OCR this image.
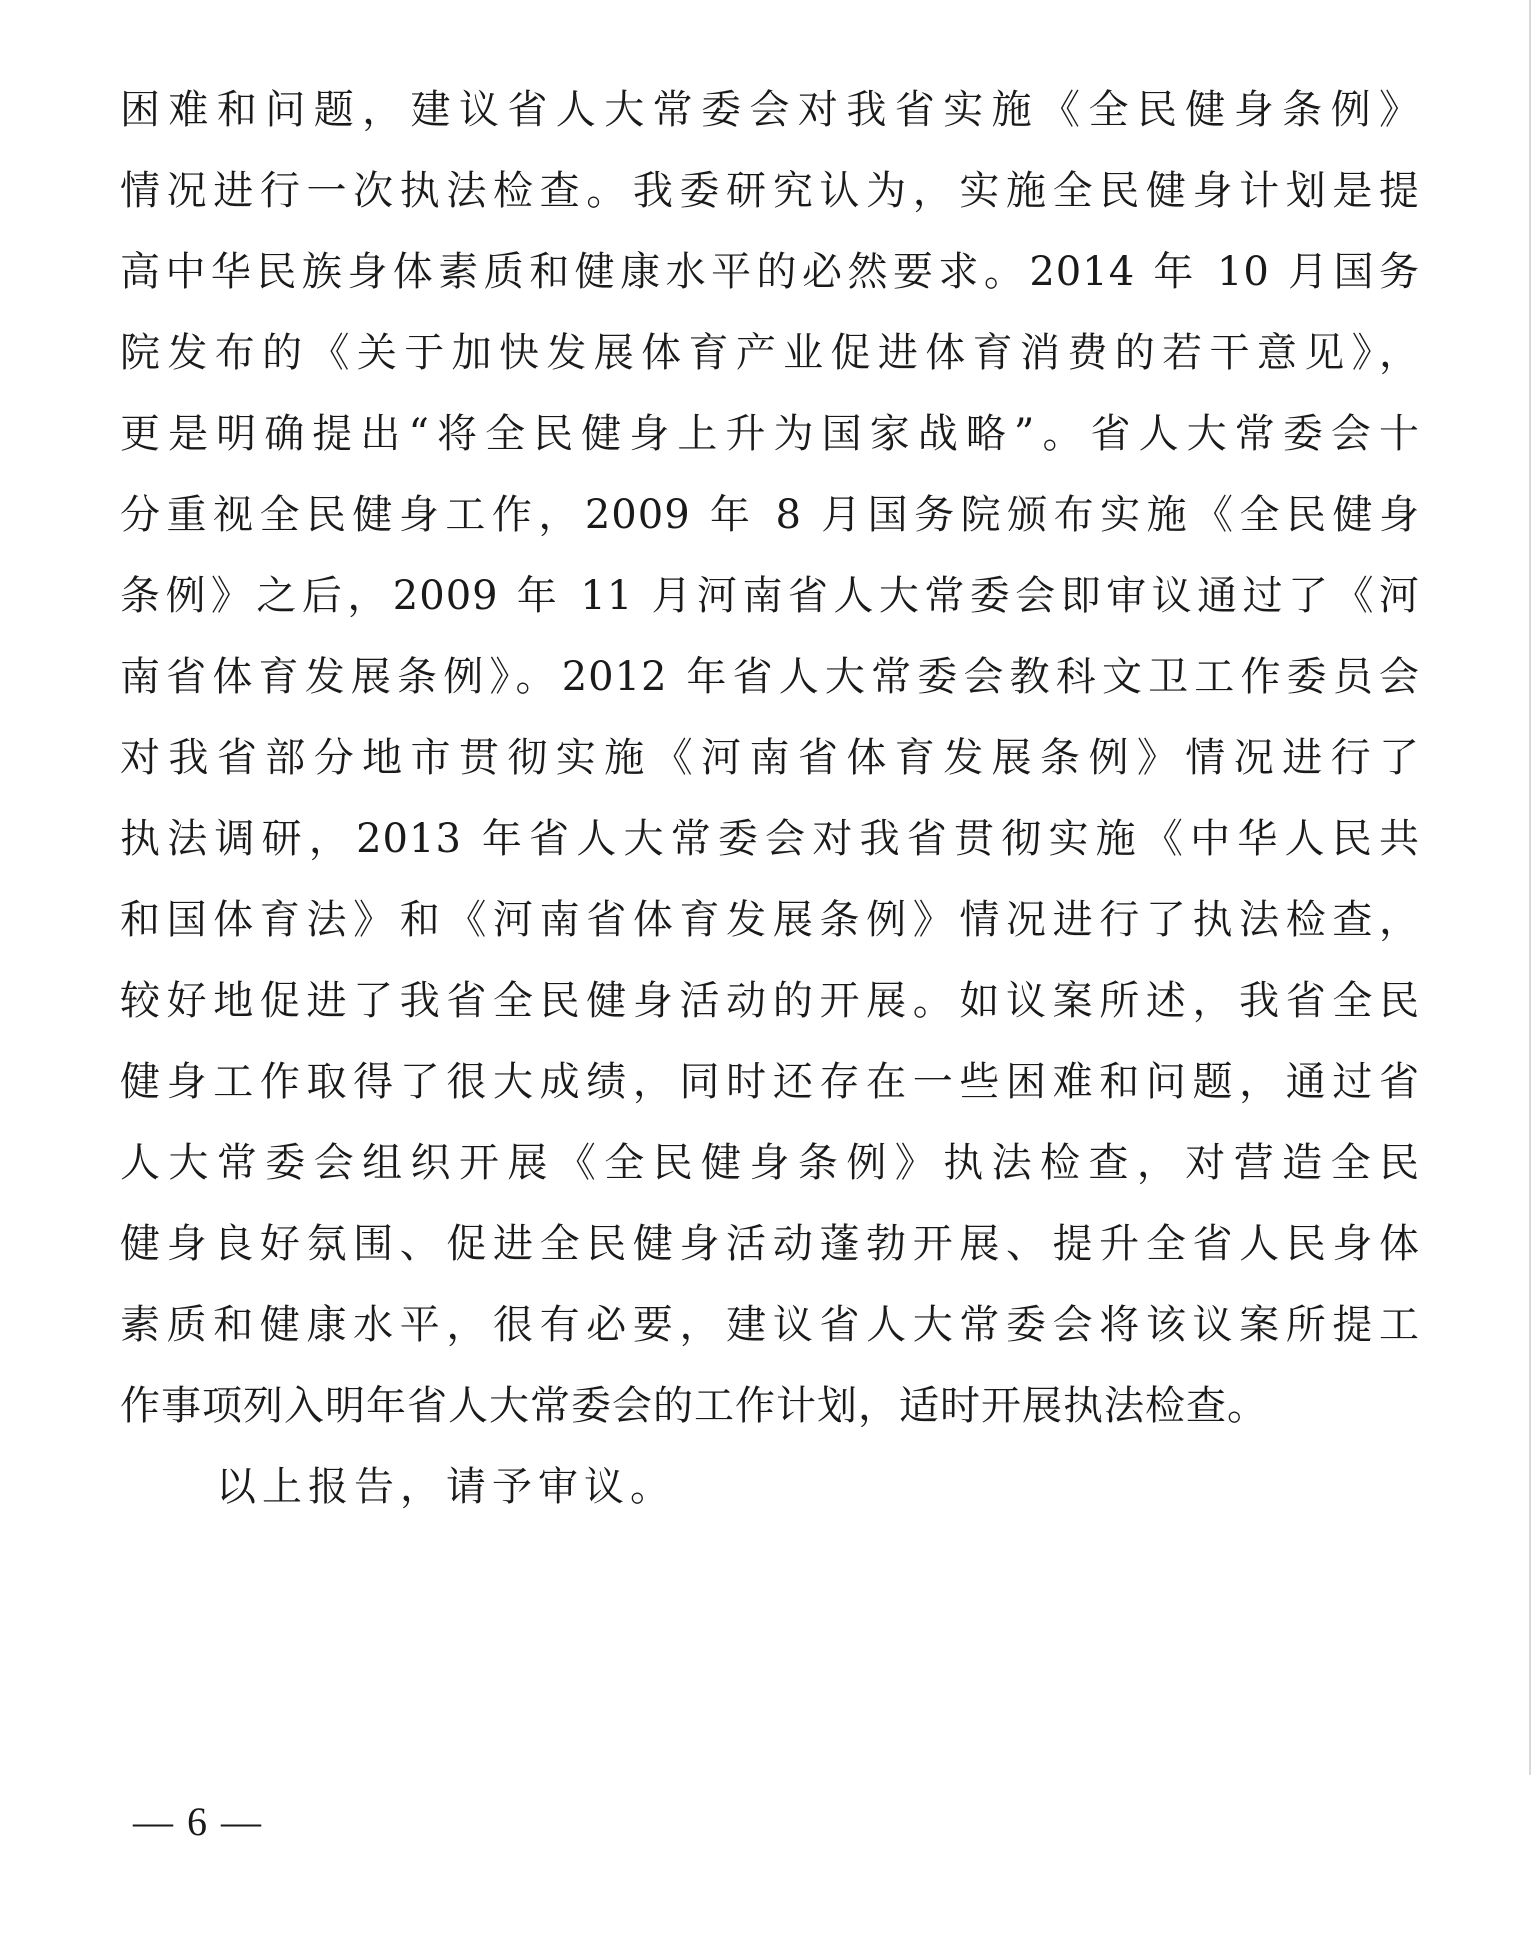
困难和问题，建议省人大常委会对我省实施《全民健身条例》
情况进行一次执法检查。我委研究认为，实施全民健身计划是提
高中华民族身体素质和健康水平的必然要求。2014 年 10 月国务
院发布的《关于加快发展体育产业促进体育消费的若干意见》，
更是明确提出“将全民健身上升为国家战略”。省人大常委会十
分重视全民健身工作，2009 年 8 月国务院颁布实施《全民健身
条例》之后，2009 年 11 月河南省人大常委会即审议通过了《河
南省体育发展条例》。2012 年省人大常委会教科文卫工作委员会
对我省部分地市贯彻实施《河南省体育发展条例》情况进行了
执法调研，2013 年省人大常委会对我省贯彻实施《中华人民共
和国体育法》和《河南省体育发展条例》情况进行了执法检查，
较好地促进了我省全民健身活动的开展。如议案所述，我省全民
健身工作取得了很大成绩，同时还存在一些困难和问题，通过省
人大常委会组织开展《全民健身条例》执法检查，对营造全民
健身良好氛围、促进全民健身活动蓬勃开展、提升全省人民身体
素质和健康水平，很有必要，建议省人大常委会将该议案所提工
作事项列入明年省人大常委会的工作计划，适时开展执法检查。
以上报告，请予审议。
— 6 —
